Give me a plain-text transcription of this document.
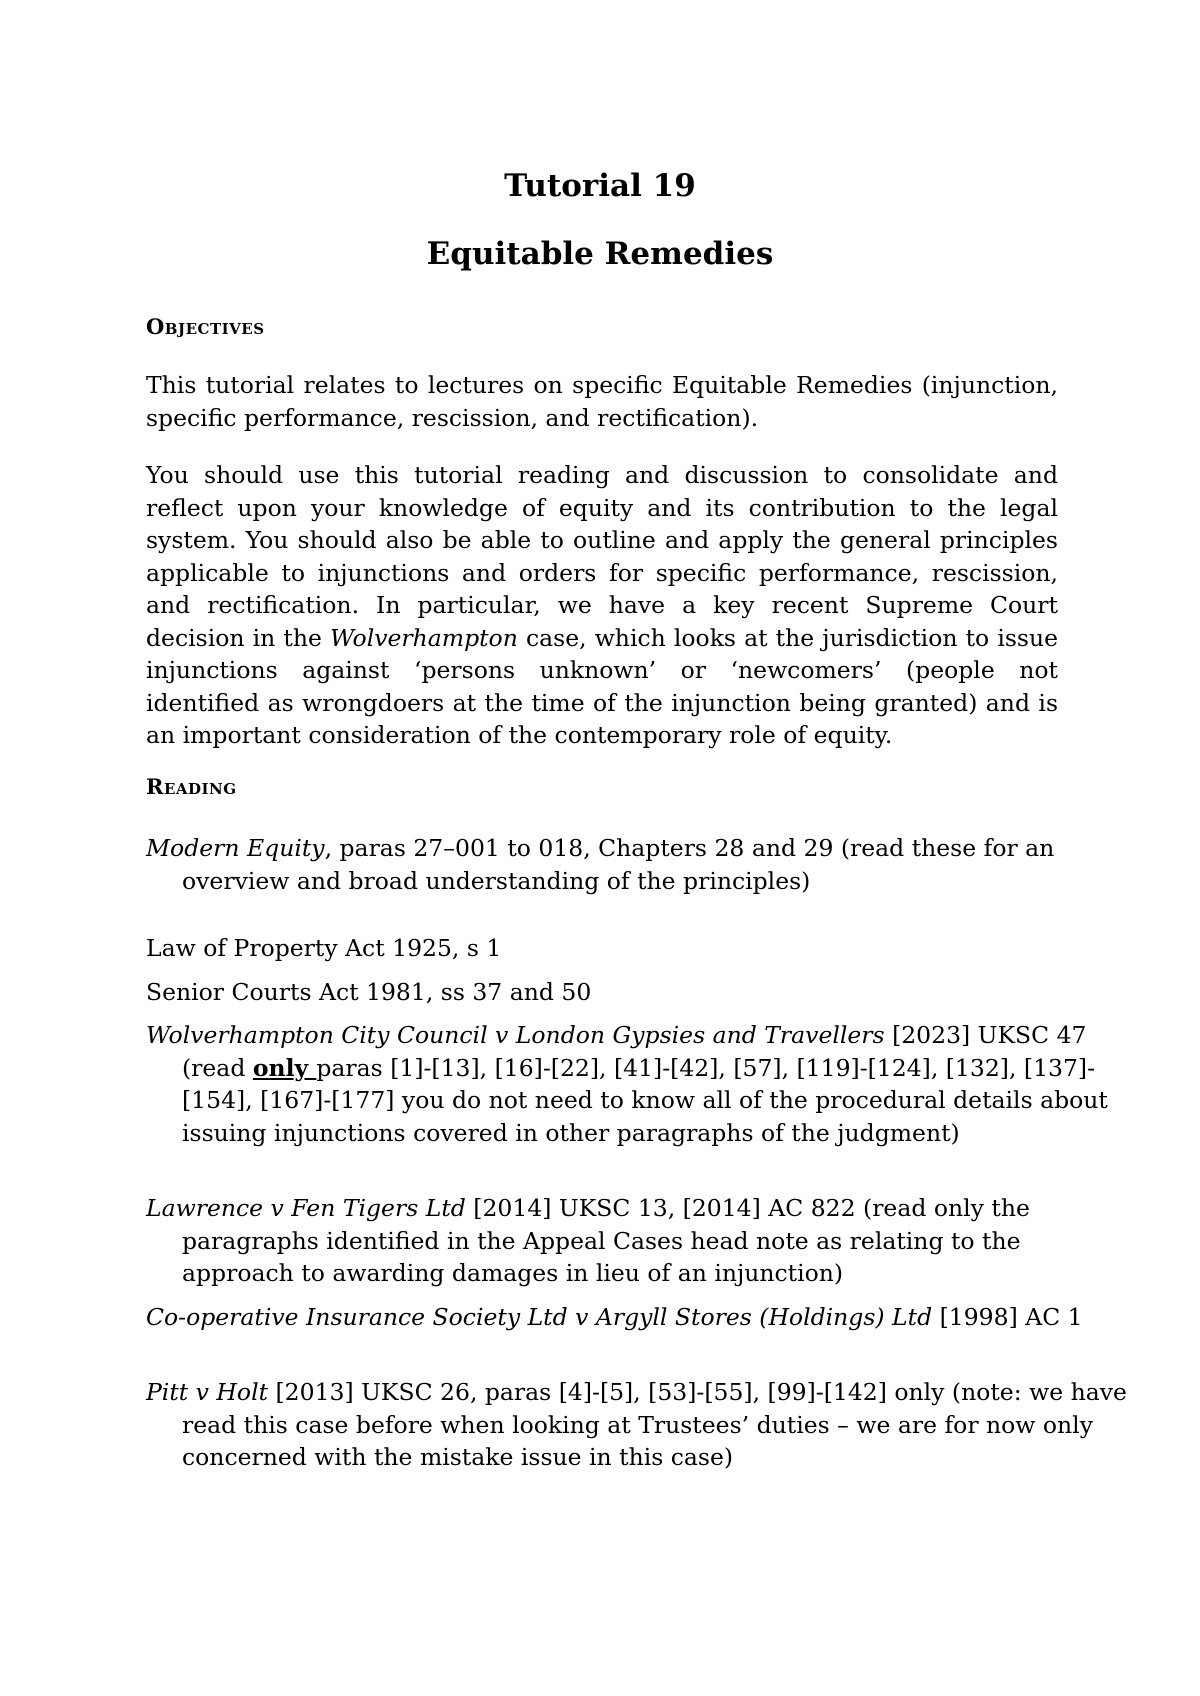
Tutorial 19
Equitable Remedies
Objectives

This tutorial relates to lectures on specific Equitable Remedies (injunction, specific performance, rescission, and rectification).

You should use this tutorial reading and discussion to consolidate and reflect upon your knowledge of equity and its contribution to the legal system. You should also be able to outline and apply the general principles applicable to injunctions and orders for specific performance, rescission, and rectification. In particular, we have a key recent Supreme Court decision in the Wolverhampton case, which looks at the jurisdiction to issue injunctions against ‘persons unknown’ or ‘newcomers’ (people not identified as wrongdoers at the time of the injunction being granted) and is an important consideration of the contemporary role of equity.

Reading

Modern Equity, paras 27–001 to 018, Chapters 28 and 29 (read these for an overview and broad understanding of the principles)

Law of Property Act 1925, s 1

Senior Courts Act 1981, ss 37 and 50

Wolverhampton City Council v London Gypsies and Travellers [2023] UKSC 47 (read only paras [1]-[13], [16]-[22], [41]-[42], [57], [119]-[124], [132], [137]-[154], [167]-[177] you do not need to know all of the procedural details about issuing injunctions covered in other paragraphs of the judgment)

Lawrence v Fen Tigers Ltd [2014] UKSC 13, [2014] AC 822 (read only the paragraphs identified in the Appeal Cases head note as relating to the approach to awarding damages in lieu of an injunction)

Co-operative Insurance Society Ltd v Argyll Stores (Holdings) Ltd [1998] AC 1

Pitt v Holt [2013] UKSC 26, paras [4]-[5], [53]-[55], [99]-[142] only (note: we have read this case before when looking at Trustees’ duties – we are for now only concerned with the mistake issue in this case)
